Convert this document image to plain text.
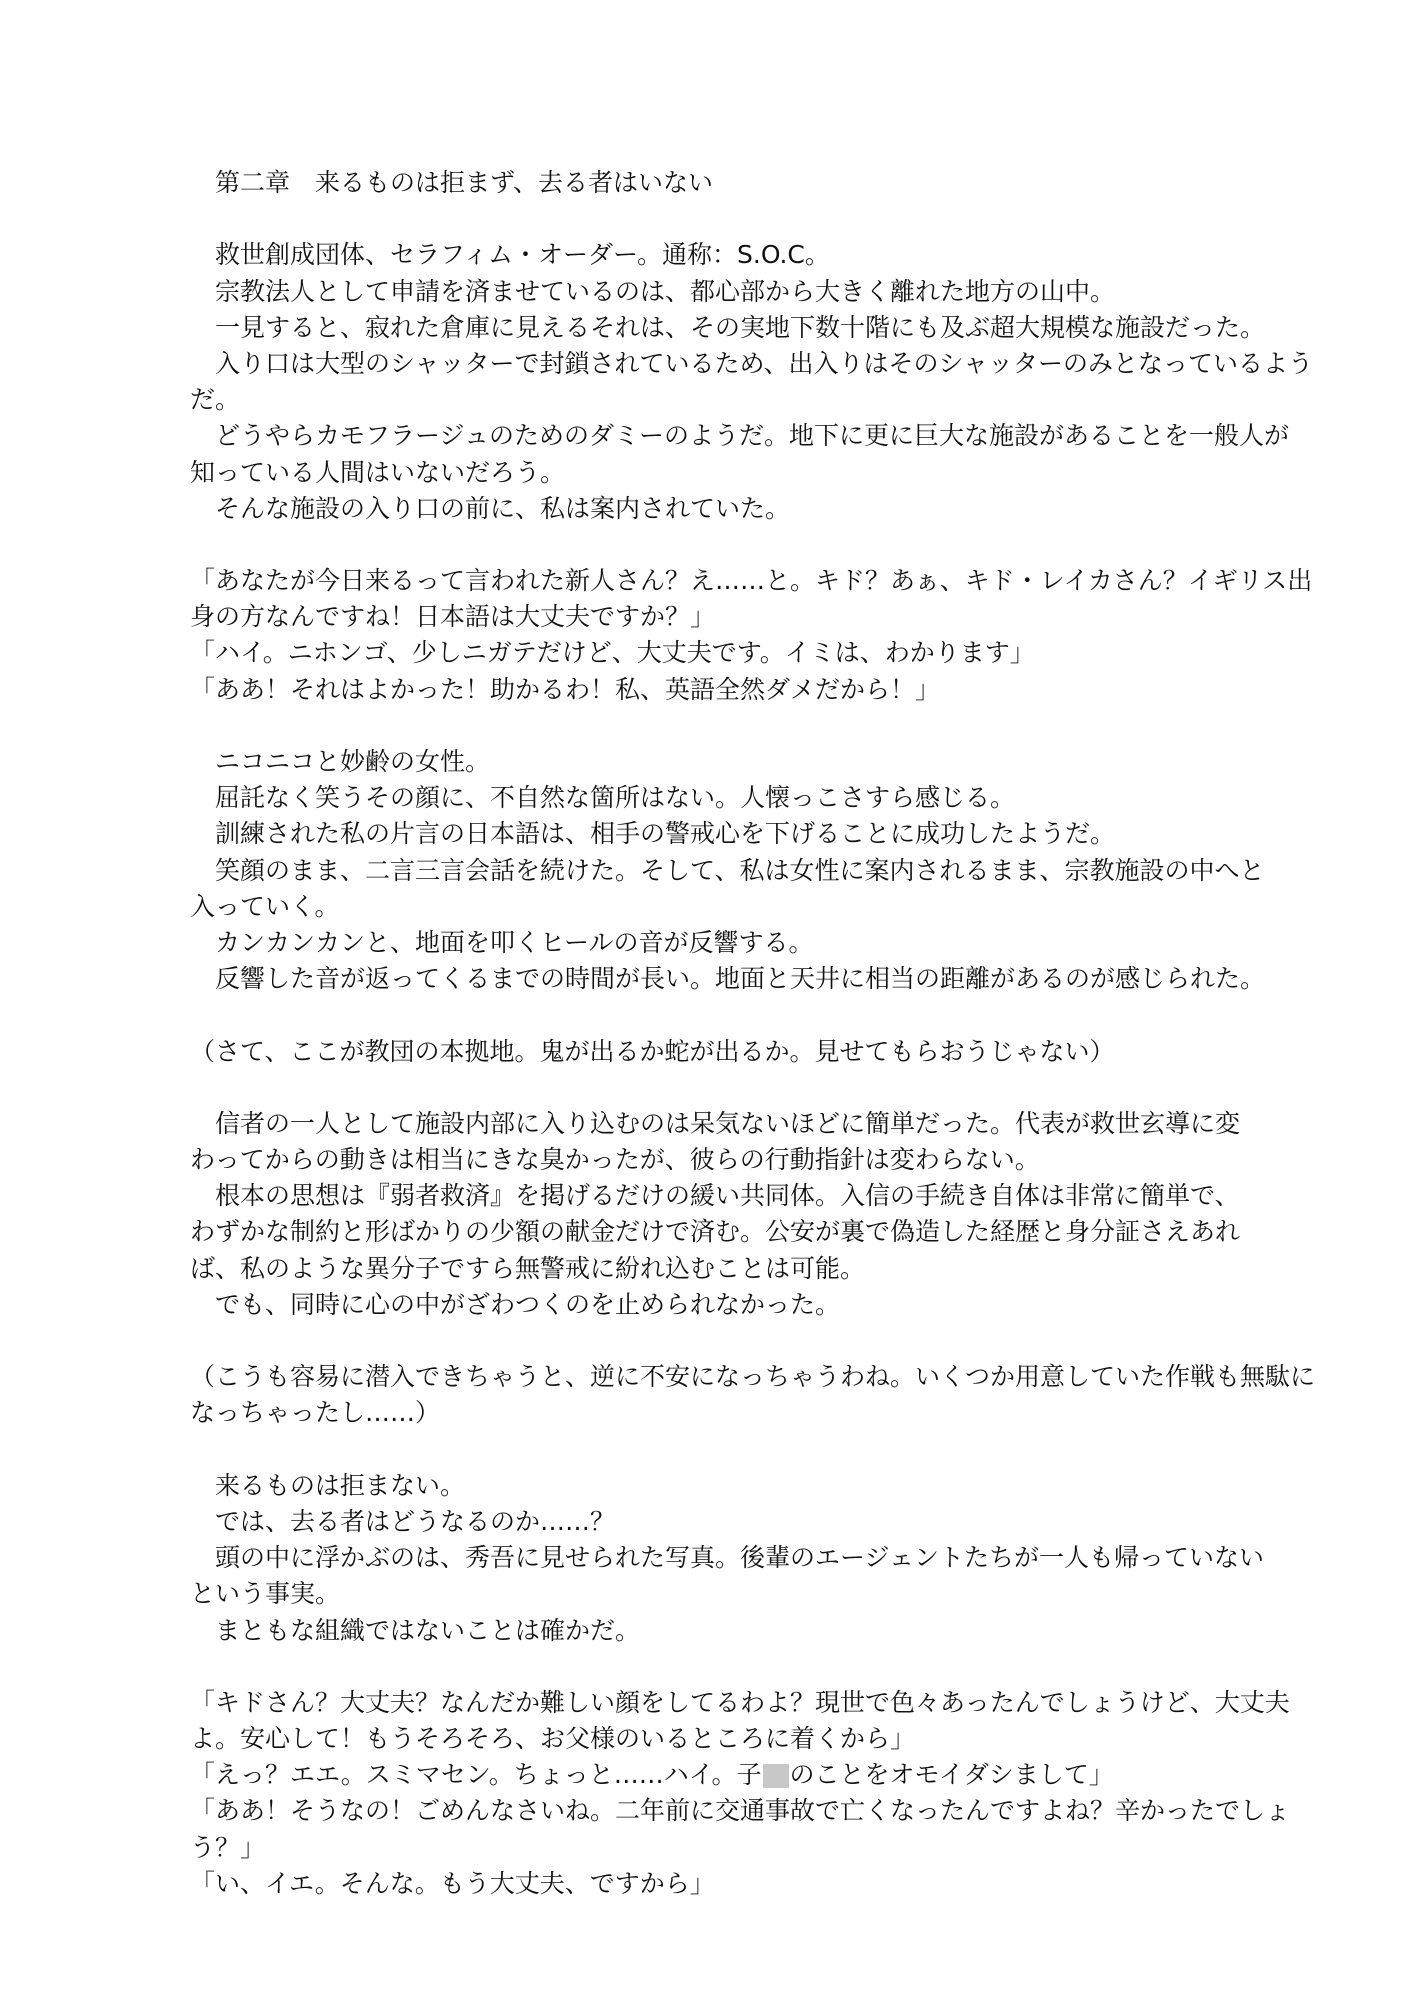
　第二章　来るものは拒まず、去る者はいない
　救世創成団体、セラフィム・オーダー。通称：S.O.C。
　宗教法人として申請を済ませているのは、都心部から大きく離れた地方の山中。
　一見すると、寂れた倉庫に見えるそれは、その実地下数十階にも及ぶ超大規模な施設だった。
　入り口は大型のシャッターで封鎖されているため、出入りはそのシャッターのみとなっているよう
だ。
　どうやらカモフラージュのためのダミーのようだ。地下に更に巨大な施設があることを一般人が
知っている人間はいないだろう。
　そんな施設の入り口の前に、私は案内されていた。
「あなたが今日来るって言われた新人さん？え……と。キド？あぁ、キド・レイカさん？イギリス出
身の方なんですね！日本語は大丈夫ですか？」
「ハイ。ニホンゴ、少しニガテだけど、大丈夫です。イミは、わかります」
「ああ！それはよかった！助かるわ！私、英語全然ダメだから！」
　ニコニコと妙齢の女性。
　屈託なく笑うその顔に、不自然な箇所はない。人懐っこさすら感じる。
　訓練された私の片言の日本語は、相手の警戒心を下げることに成功したようだ。
　笑顔のまま、二言三言会話を続けた。そして、私は女性に案内されるまま、宗教施設の中へと
入っていく。
　カンカンカンと、地面を叩くヒールの音が反響する。
　反響した音が返ってくるまでの時間が長い。地面と天井に相当の距離があるのが感じられた。
（さて、ここが教団の本拠地。鬼が出るか蛇が出るか。見せてもらおうじゃない）
　信者の一人として施設内部に入り込むのは呆気ないほどに簡単だった。代表が救世玄導に変
わってからの動きは相当にきな臭かったが、彼らの行動指針は変わらない。
　根本の思想は『弱者救済』を掲げるだけの緩い共同体。入信の手続き自体は非常に簡単で、
わずかな制約と形ばかりの少額の献金だけで済む。公安が裏で偽造した経歴と身分証さえあれ
ば、私のような異分子ですら無警戒に紛れ込むことは可能。
　でも、同時に心の中がざわつくのを止められなかった。
（こうも容易に潜入できちゃうと、逆に不安になっちゃうわね。いくつか用意していた作戦も無駄に
なっちゃったし……）
　来るものは拒まない。
　では、去る者はどうなるのか……？
　頭の中に浮かぶのは、秀吾に見せられた写真。後輩のエージェントたちが一人も帰っていない
という事実。
　まともな組織ではないことは確かだ。
「キドさん？大丈夫？なんだか難しい顔をしてるわよ？現世で色々あったんでしょうけど、大丈夫
よ。安心して！もうそろそろ、お父様のいるところに着くから」
「えっ？エエ。スミマセン。ちょっと……ハイ。子 のことをオモイダシまして」
「ああ！そうなの！ごめんなさいね。二年前に交通事故で亡くなったんですよね？辛かったでしょ
う？」
「い、イエ。そんな。もう大丈夫、ですから」
